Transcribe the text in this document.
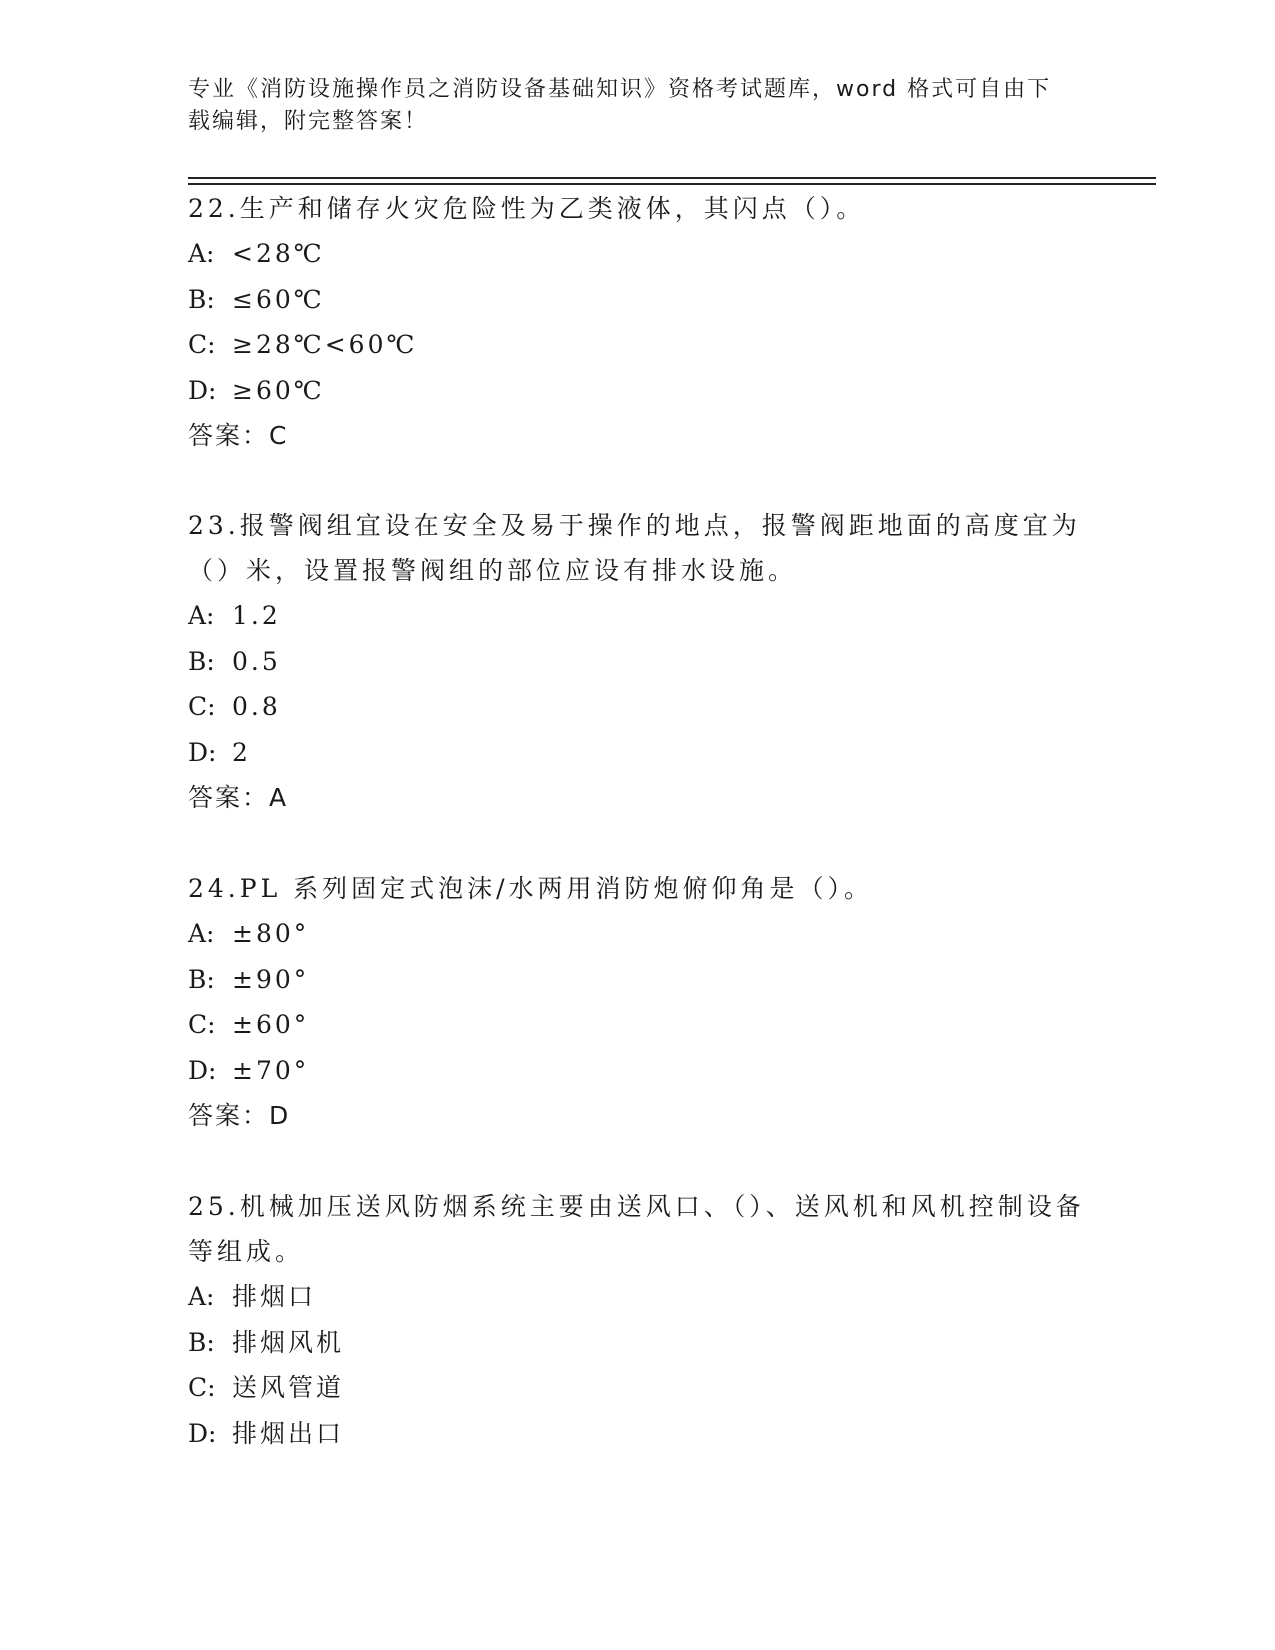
专业《消防设施操作员之消防设备基础知识》资格考试题库，word 格式可自由下
载编辑，附完整答案！
22.生产和储存火灾危险性为乙类液体，其闪点（）。
A: <28℃
B: ≤60℃
C: ≥28℃<60℃
D: ≥60℃
答案：C
23.报警阀组宜设在安全及易于操作的地点，报警阀距地面的高度宜为（）米，设置报警阀组的部位应设有排水设施。
A: 1.2
B: 0.5
C: 0.8
D: 2
答案：A
24.PL 系列固定式泡沫/水两用消防炮俯仰角是（）。
A: ±80°
B: ±90°
C: ±60°
D: ±70°
答案：D
25.机械加压送风防烟系统主要由送风口、（）、送风机和风机控制设备等组成。
A: 排烟口
B: 排烟风机
C: 送风管道
D: 排烟出口
